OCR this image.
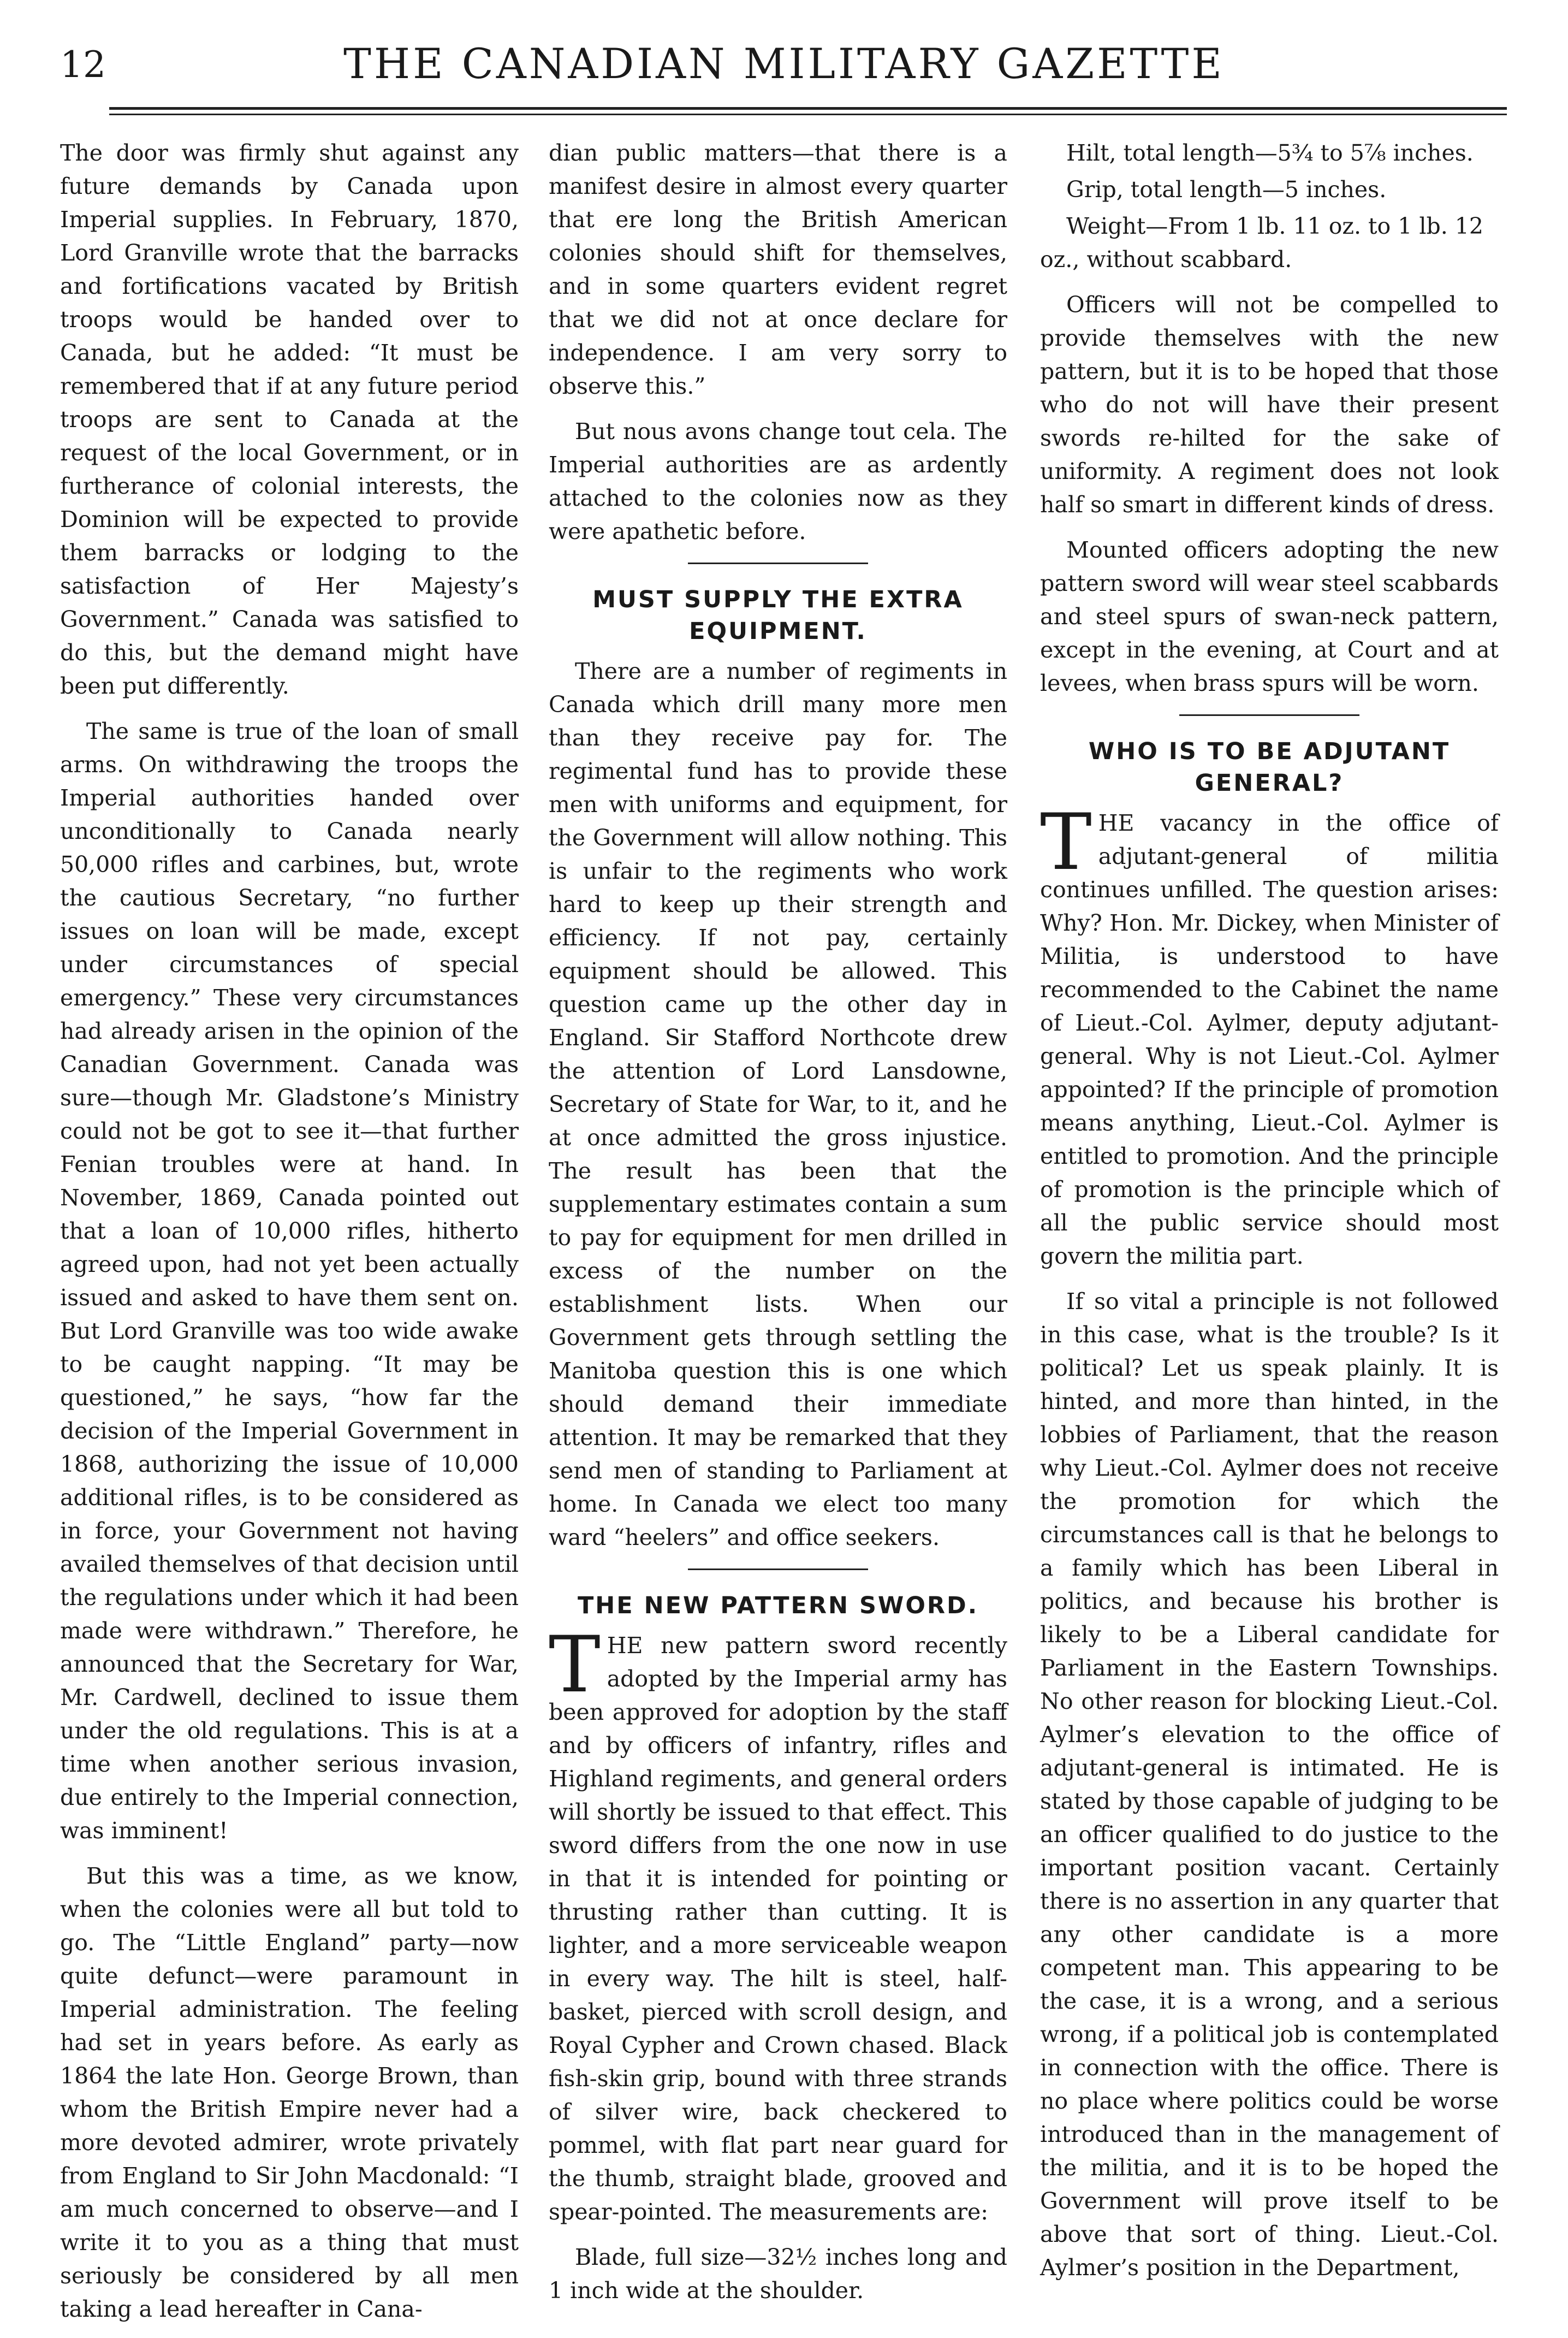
12	THE CANADIAN MILITARY GAZETTE

The door was firmly shut against any future demands by Canada upon Imperial supplies. In February, 1870, Lord Granville wrote that the barracks and fortifications vacated by British troops would be handed over to Canada, but he added: “It must be remembered that if at any future period troops are sent to Canada at the request of the local Government, or in furtherance of colonial interests, the Dominion will be expected to provide them barracks or lodging to the satisfaction of Her Majesty’s Government.” Canada was satisfied to do this, but the demand might have been put differently.

The same is true of the loan of small arms. On withdrawing the troops the Imperial authorities handed over unconditionally to Canada nearly 50,000 rifles and carbines, but, wrote the cautious Secretary, “no further issues on loan will be made, except under circumstances of special emergency.” These very circumstances had already arisen in the opinion of the Canadian Government. Canada was sure—though Mr. Gladstone’s Ministry could not be got to see it—that further Fenian troubles were at hand. In November, 1869, Canada pointed out that a loan of 10,000 rifles, hitherto agreed upon, had not yet been actually issued and asked to have them sent on. But Lord Granville was too wide awake to be caught napping. “It may be questioned,” he says, “how far the decision of the Imperial Government in 1868, authorizing the issue of 10,000 additional rifles, is to be considered as in force, your Government not having availed themselves of that decision until the regulations under which it had been made were withdrawn.” Therefore, he announced that the Secretary for War, Mr. Cardwell, declined to issue them under the old regulations. This is at a time when another serious invasion, due entirely to the Imperial connection, was imminent!

But this was a time, as we know, when the colonies were all but told to go. The “Little England” party—now quite defunct—were paramount in Imperial administration. The feeling had set in years before. As early as 1864 the late Hon. George Brown, than whom the British Empire never had a more devoted admirer, wrote privately from England to Sir John Macdonald: “I am much concerned to observe—and I write it to you as a thing that must seriously be considered by all men taking a lead hereafter in Cana-

dian public matters—that there is a manifest desire in almost every quarter that ere long the British American colonies should shift for themselves, and in some quarters evident regret that we did not at once declare for independence. I am very sorry to observe this.”

But nous avons change tout cela. The Imperial authorities are as ardently attached to the colonies now as they were apathetic before.

MUST SUPPLY THE EXTRA EQUIPMENT.

There are a number of regiments in Canada which drill many more men than they receive pay for. The regimental fund has to provide these men with uniforms and equipment, for the Government will allow nothing. This is unfair to the regiments who work hard to keep up their strength and efficiency. If not pay, certainly equipment should be allowed. This question came up the other day in England. Sir Stafford Northcote drew the attention of Lord Lansdowne, Secretary of State for War, to it, and he at once admitted the gross injustice. The result has been that the supplementary estimates contain a sum to pay for equipment for men drilled in excess of the number on the establishment lists. When our Government gets through settling the Manitoba question this is one which should demand their immediate attention. It may be remarked that they send men of standing to Parliament at home. In Canada we elect too many ward “heelers” and office seekers.

THE NEW PATTERN SWORD.

THE new pattern sword recently adopted by the Imperial army has been approved for adoption by the staff and by officers of infantry, rifles and Highland regiments, and general orders will shortly be issued to that effect. This sword differs from the one now in use in that it is intended for pointing or thrusting rather than cutting. It is lighter, and a more serviceable weapon in every way. The hilt is steel, half-basket, pierced with scroll design, and Royal Cypher and Crown chased. Black fish-skin grip, bound with three strands of silver wire, back checkered to pommel, with flat part near guard for the thumb, straight blade, grooved and spear-pointed. The measurements are:

Blade, full size—32½ inches long and 1 inch wide at the shoulder.

Hilt, total length—5¾ to 5⅞ inches.

Grip, total length—5 inches.

Weight—From 1 lb. 11 oz. to 1 lb. 12 oz., without scabbard.

Officers will not be compelled to provide themselves with the new pattern, but it is to be hoped that those who do not will have their present swords re-hilted for the sake of uniformity. A regiment does not look half so smart in different kinds of dress.

Mounted officers adopting the new pattern sword will wear steel scabbards and steel spurs of swan-neck pattern, except in the evening, at Court and at levees, when brass spurs will be worn.

WHO IS TO BE ADJUTANT GENERAL?

THE vacancy in the office of adjutant-general of militia continues unfilled. The question arises: Why? Hon. Mr. Dickey, when Minister of Militia, is understood to have recommended to the Cabinet the name of Lieut.-Col. Aylmer, deputy adjutant-general. Why is not Lieut.-Col. Aylmer appointed? If the principle of promotion means anything, Lieut.-Col. Aylmer is entitled to promotion. And the principle of promotion is the principle which of all the public service should most govern the militia part.

If so vital a principle is not followed in this case, what is the trouble? Is it political? Let us speak plainly. It is hinted, and more than hinted, in the lobbies of Parliament, that the reason why Lieut.-Col. Aylmer does not receive the promotion for which the circumstances call is that he belongs to a family which has been Liberal in politics, and because his brother is likely to be a Liberal candidate for Parliament in the Eastern Townships. No other reason for blocking Lieut.-Col. Aylmer’s elevation to the office of adjutant-general is intimated. He is stated by those capable of judging to be an officer qualified to do justice to the important position vacant. Certainly there is no assertion in any quarter that any other candidate is a more competent man. This appearing to be the case, it is a wrong, and a serious wrong, if a political job is contemplated in connection with the office. There is no place where politics could be worse introduced than in the management of the militia, and it is to be hoped the Government will prove itself to be above that sort of thing. Lieut.-Col. Aylmer’s position in the Department,
